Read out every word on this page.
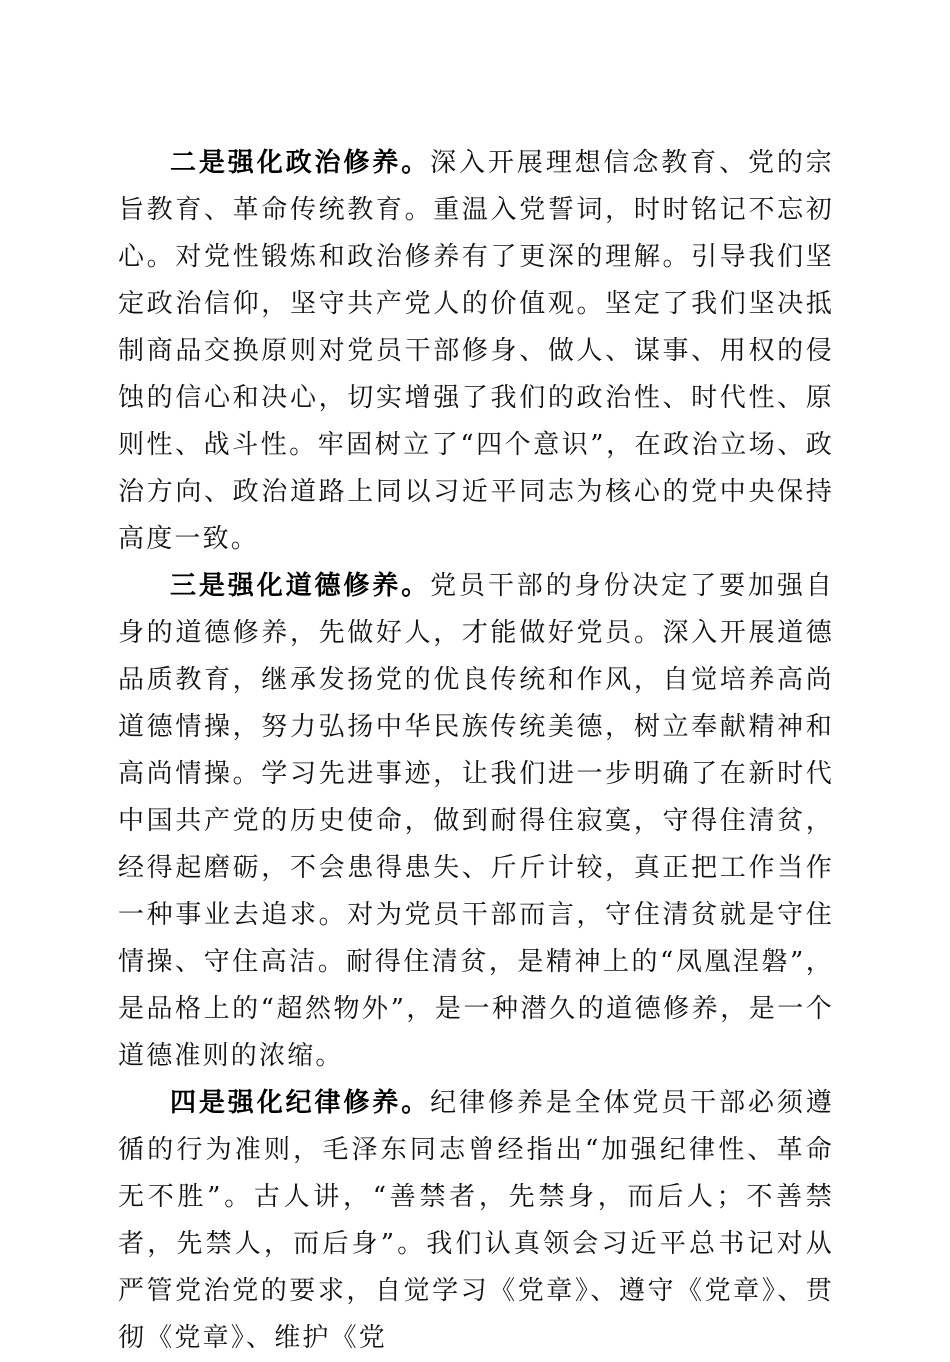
二是强化政治修养。深入开展理想信念教育、党的宗旨教育、革命传统教育。重温入党誓词，时时铭记不忘初心。对党性锻炼和政治修养有了更深的理解。引导我们坚定政治信仰，坚守共产党人的价值观。坚定了我们坚决抵制商品交换原则对党员干部修身、做人、谋事、用权的侵蚀的信心和决心，切实增强了我们的政治性、时代性、原则性、战斗性。牢固树立了“四个意识”，在政治立场、政治方向、政治道路上同以习近平同志为核心的党中央保持高度一致。

三是强化道德修养。党员干部的身份决定了要加强自身的道德修养，先做好人，才能做好党员。深入开展道德品质教育，继承发扬党的优良传统和作风，自觉培养高尚道德情操，努力弘扬中华民族传统美德，树立奉献精神和高尚情操。学习先进事迹，让我们进一步明确了在新时代中国共产党的历史使命，做到耐得住寂寞，守得住清贫，经得起磨砺，不会患得患失、斤斤计较，真正把工作当作一种事业去追求。对为党员干部而言，守住清贫就是守住情操、守住高洁。耐得住清贫，是精神上的“凤凰涅磐”，是品格上的“超然物外”，是一种潜久的道德修养，是一个道德准则的浓缩。

四是强化纪律修养。纪律修养是全体党员干部必须遵循的行为准则，毛泽东同志曾经指出“加强纪律性、革命无不胜”。古人讲，“善禁者，先禁身，而后人；不善禁者，先禁人，而后身”。我们认真领会习近平总书记对从严管党治党的要求，自觉学习《党章》、遵守《党章》、贯彻《党章》、维护《党
